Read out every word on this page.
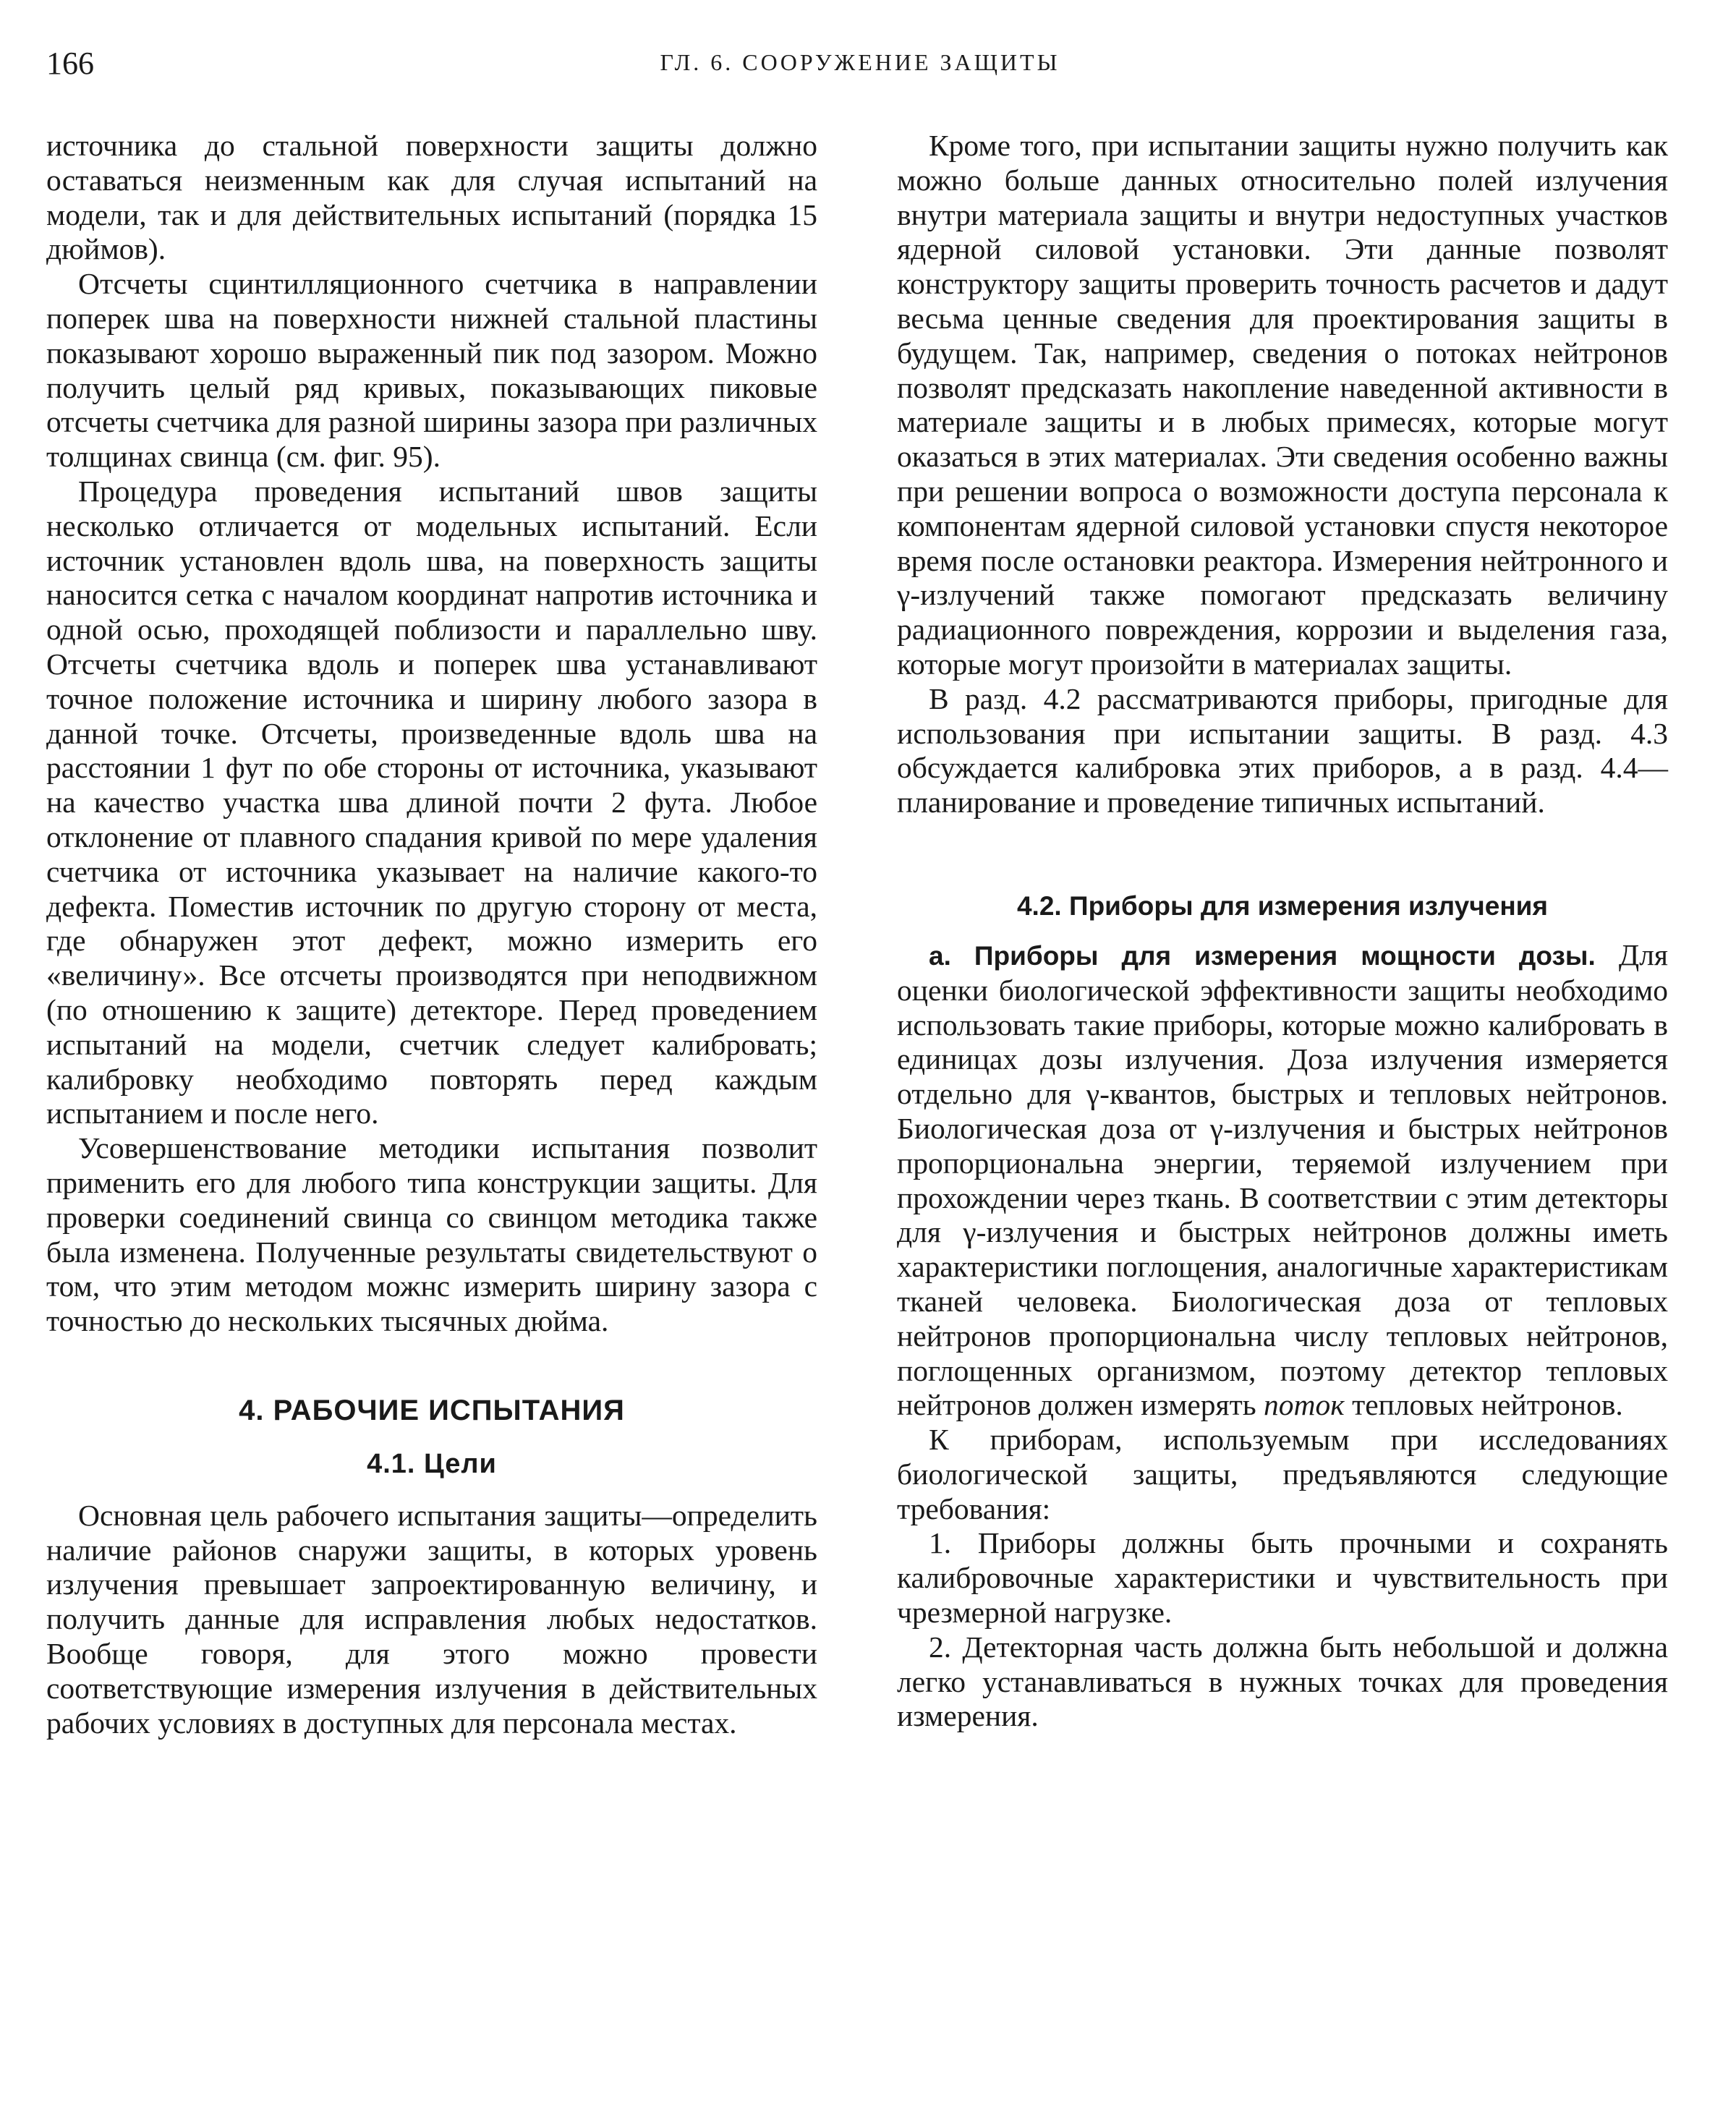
166	ГЛ. 6. СООРУЖЕНИЕ ЗАЩИТЫ

источника до стальной поверхности защиты должно оставаться неизменным как для случая испытаний на модели, так и для действительных испытаний (порядка 15 дюймов).

Отсчеты сцинтилляционного счетчика в направлении поперек шва на поверхности нижней стальной пластины показывают хорошо выраженный пик под зазором. Можно получить целый ряд кривых, показывающих пиковые отсчеты счетчика для разной ширины зазора при различных толщинах свинца (см. фиг. 95).

Процедура проведения испытаний швов защиты несколько отличается от модельных испытаний. Если источник установлен вдоль шва, на поверхность защиты наносится сетка с началом координат напротив источника и одной осью, проходящей поблизости и параллельно шву. Отсчеты счетчика вдоль и поперек шва устанавливают точное положение источника и ширину любого зазора в данной точке. Отсчеты, произведенные вдоль шва на расстоянии 1 фут по обе стороны от источника, указывают на качество участка шва длиной почти 2 фута. Любое отклонение от плавного спадания кривой по мере удаления счетчика от источника указывает на наличие какого-то дефекта. Поместив источник по другую сторону от места, где обнаружен этот дефект, можно измерить его «величину». Все отсчеты производятся при неподвижном (по отношению к защите) детекторе. Перед проведением испытаний на модели, счетчик следует калибровать; калибровку необходимо повторять перед каждым испытанием и после него.

Усовершенствование методики испытания позволит применить его для любого типа конструкции защиты. Для проверки соединений свинца со свинцом методика также была изменена. Полученные результаты свидетельствуют о том, что этим методом можнс измерить ширину зазора с точностью до нескольких тысячных дюйма.

4. РАБОЧИЕ ИСПЫТАНИЯ
4.1. Цели

Основная цель рабочего испытания защиты—определить наличие районов снаружи защиты, в которых уровень излучения превышает запроектированную величину, и получить данные для исправления любых недостатков. Вообще говоря, для этого можно провести соответствующие измерения излучения в действительных рабочих условиях в доступных для персонала местах.

Кроме того, при испытании защиты нужно получить как можно больше данных относительно полей излучения внутри материала защиты и внутри недоступных участков ядерной силовой установки. Эти данные позволят конструктору защиты проверить точность расчетов и дадут весьма ценные сведения для проектирования защиты в будущем. Так, например, сведения о потоках нейтронов позволят предсказать накопление наведенной активности в материале защиты и в любых примесях, которые могут оказаться в этих материалах. Эти сведения особенно важны при решении вопроса о возможности доступа персонала к компонентам ядерной силовой установки спустя некоторое время после остановки реактора. Измерения нейтронного и γ-излучений также помогают предсказать величину радиационного повреждения, коррозии и выделения газа, которые могут произойти в материалах защиты.

В разд. 4.2 рассматриваются приборы, пригодные для использования при испытании защиты. В разд. 4.3 обсуждается калибровка этих приборов, а в разд. 4.4—планирование и проведение типичных испытаний.

4.2. Приборы для измерения излучения

а. Приборы для измерения мощности дозы. Для оценки биологической эффективности защиты необходимо использовать такие приборы, которые можно калибровать в единицах дозы излучения. Доза излучения измеряется отдельно для γ-квантов, быстрых и тепловых нейтронов. Биологическая доза от γ-излучения и быстрых нейтронов пропорциональна энергии, теряемой излучением при прохождении через ткань. В соответствии с этим детекторы для γ-излучения и быстрых нейтронов должны иметь характеристики поглощения, аналогичные характеристикам тканей человека. Биологическая доза от тепловых нейтронов пропорциональна числу тепловых нейтронов, поглощенных организмом, поэтому детектор тепловых нейтронов должен измерять поток тепловых нейтронов.

К приборам, используемым при исследованиях биологической защиты, предъявляются следующие требования:

1. Приборы должны быть прочными и сохранять калибровочные характеристики и чувствительность при чрезмерной нагрузке.

2. Детекторная часть должна быть небольшой и должна легко устанавливаться в нужных точках для проведения измерения.
